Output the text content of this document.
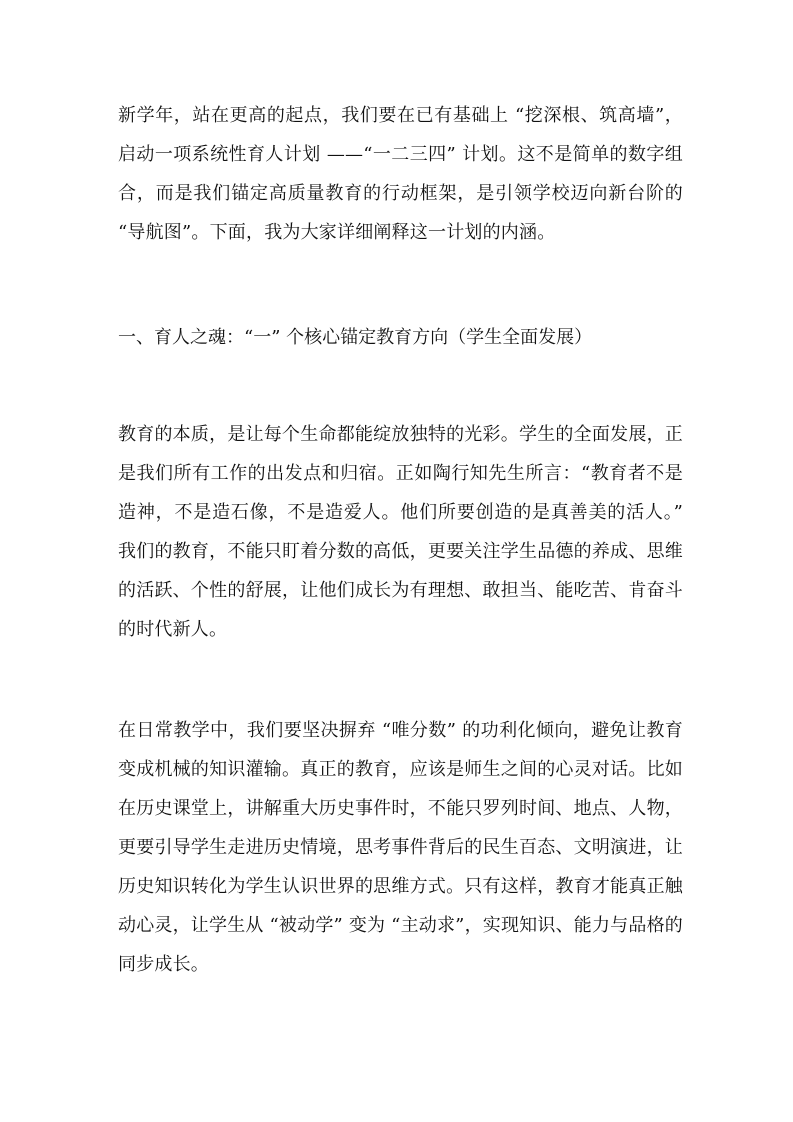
新学年，站在更高的起点，我们要在已有基础上 “挖深根、筑高墙”，启动一项系统性育人计划 ——“一二三四” 计划。这不是简单的数字组合，而是我们锚定高质量教育的行动框架，是引领学校迈向新台阶的 “导航图”。下面，我为大家详细阐释这一计划的内涵。

一、育人之魂：“一” 个核心锚定教育方向（学生全面发展）

教育的本质，是让每个生命都能绽放独特的光彩。学生的全面发展，正是我们所有工作的出发点和归宿。正如陶行知先生所言：“教育者不是造神，不是造石像，不是造爱人。他们所要创造的是真善美的活人。” 我们的教育，不能只盯着分数的高低，更要关注学生品德的养成、思维的活跃、个性的舒展，让他们成长为有理想、敢担当、能吃苦、肯奋斗的时代新人。

在日常教学中，我们要坚决摒弃 “唯分数” 的功利化倾向，避免让教育变成机械的知识灌输。真正的教育，应该是师生之间的心灵对话。比如在历史课堂上，讲解重大历史事件时，不能只罗列时间、地点、人物，更要引导学生走进历史情境，思考事件背后的民生百态、文明演进，让历史知识转化为学生认识世界的思维方式。只有这样，教育才能真正触动心灵，让学生从 “被动学” 变为 “主动求”，实现知识、能力与品格的同步成长。
